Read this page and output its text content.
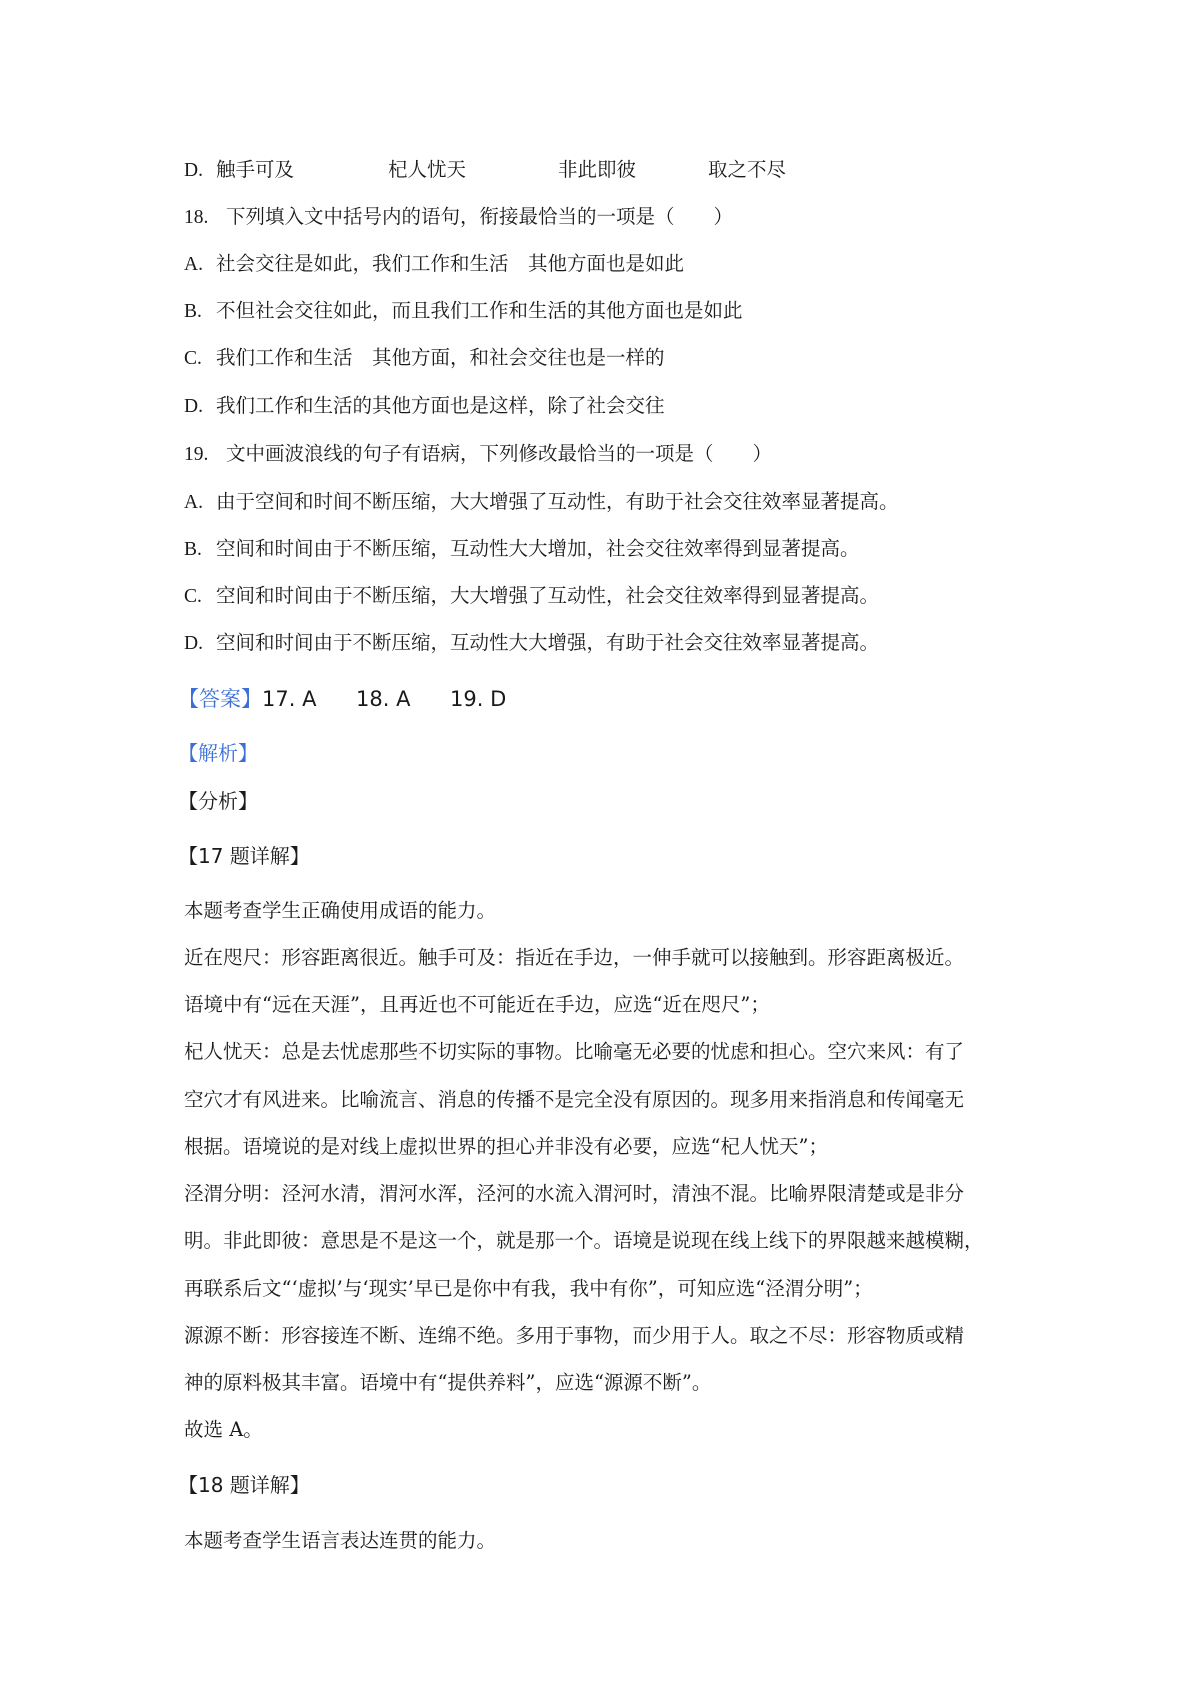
D. 触手可及	杞人忧天	非此即彼	取之不尽
18. 下列填入文中括号内的语句，衔接最恰当的一项是（　　）
A. 社会交往是如此，我们工作和生活　其他方面也是如此
B. 不但社会交往如此，而且我们工作和生活的其他方面也是如此
C. 我们工作和生活　其他方面，和社会交往也是一样的
D. 我们工作和生活的其他方面也是这样，除了社会交往
19. 文中画波浪线的句子有语病，下列修改最恰当的一项是（　　）
A. 由于空间和时间不断压缩，大大增强了互动性，有助于社会交往效率显著提高。
B. 空间和时间由于不断压缩，互动性大大增加，社会交往效率得到显著提高。
C. 空间和时间由于不断压缩，大大增强了互动性，社会交往效率得到显著提高。
D. 空间和时间由于不断压缩，互动性大大增强，有助于社会交往效率显著提高。
【答案】17. A 18. A 19. D
【解析】
【分析】
【17 题详解】
本题考查学生正确使用成语的能力。
近在咫尺：形容距离很近。触手可及：指近在手边，一伸手就可以接触到。形容距离极近。
语境中有“远在天涯”，且再近也不可能近在手边，应选“近在咫尺”；
杞人忧天：总是去忧虑那些不切实际的事物。比喻毫无必要的忧虑和担心。空穴来风：有了
空穴才有风进来。比喻流言、消息的传播不是完全没有原因的。现多用来指消息和传闻毫无
根据。语境说的是对线上虚拟世界的担心并非没有必要，应选“杞人忧天”；
泾渭分明：泾河水清，渭河水浑，泾河的水流入渭河时，清浊不混。比喻界限清楚或是非分
明。非此即彼：意思是不是这一个，就是那一个。语境是说现在线上线下的界限越来越模糊，
再联系后文“‘虚拟’与‘现实’早已是你中有我，我中有你”，可知应选“泾渭分明”；
源源不断：形容接连不断、连绵不绝。多用于事物，而少用于人。取之不尽：形容物质或精
神的原料极其丰富。语境中有“提供养料”，应选“源源不断”。
故选 A。
【18 题详解】
本题考查学生语言表达连贯的能力。
